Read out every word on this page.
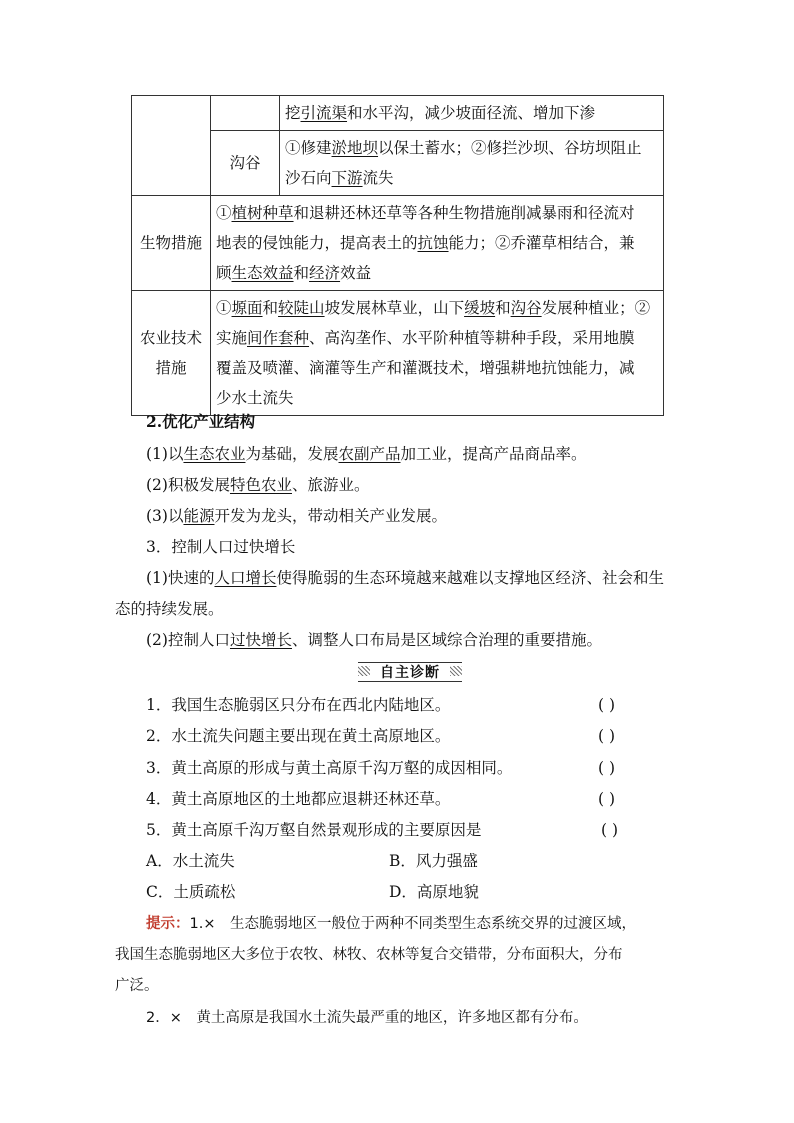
		挖引流渠和水平沟，减少坡面径流、增加下渗
	沟谷	①修建淤地坝以保土蓄水；②修拦沙坝、谷坊坝阻止
沙石向下游流失
生物措施	①植树种草和退耕还林还草等各种生物措施削减暴雨和径流对
地表的侵蚀能力，提高表土的抗蚀能力；②乔灌草相结合，兼
顾生态效益和经济效益	
农业技术
措施	①塬面和较陡山坡发展林草业，山下缓坡和沟谷发展种植业；②
实施间作套种、高沟垄作、水平阶种植等耕种手段，采用地膜
覆盖及喷灌、滴灌等生产和灌溉技术，增强耕地抗蚀能力，减
少水土流失	
2.优化产业结构
(1)以生态农业为基础，发展农副产品加工业，提高产品商品率。
(2)积极发展特色农业、旅游业。
(3)以能源开发为龙头，带动相关产业发展。
3．控制人口过快增长
(1)快速的人口增长使得脆弱的生态环境越来越难以支撑地区经济、社会和生
态的持续发展。
(2)控制人口过快增长、调整人口布局是区域综合治理的重要措施。
自主诊断
1．我国生态脆弱区只分布在西北内陆地区。	( )
2．水土流失问题主要出现在黄土高原地区。	( )
3．黄土高原的形成与黄土高原千沟万壑的成因相同。	( )
4．黄土高原地区的土地都应退耕还林还草。	( )
5．黄土高原千沟万壑自然景观形成的主要原因是	( )
A．水土流失	B．风力强盛
C．土质疏松	D．高原地貌
提示：1.×　生态脆弱地区一般位于两种不同类型生态系统交界的过渡区域，
我国生态脆弱地区大多位于农牧、林牧、农林等复合交错带，分布面积大，分布
广泛。
2．×　黄土高原是我国水土流失最严重的地区，许多地区都有分布。
